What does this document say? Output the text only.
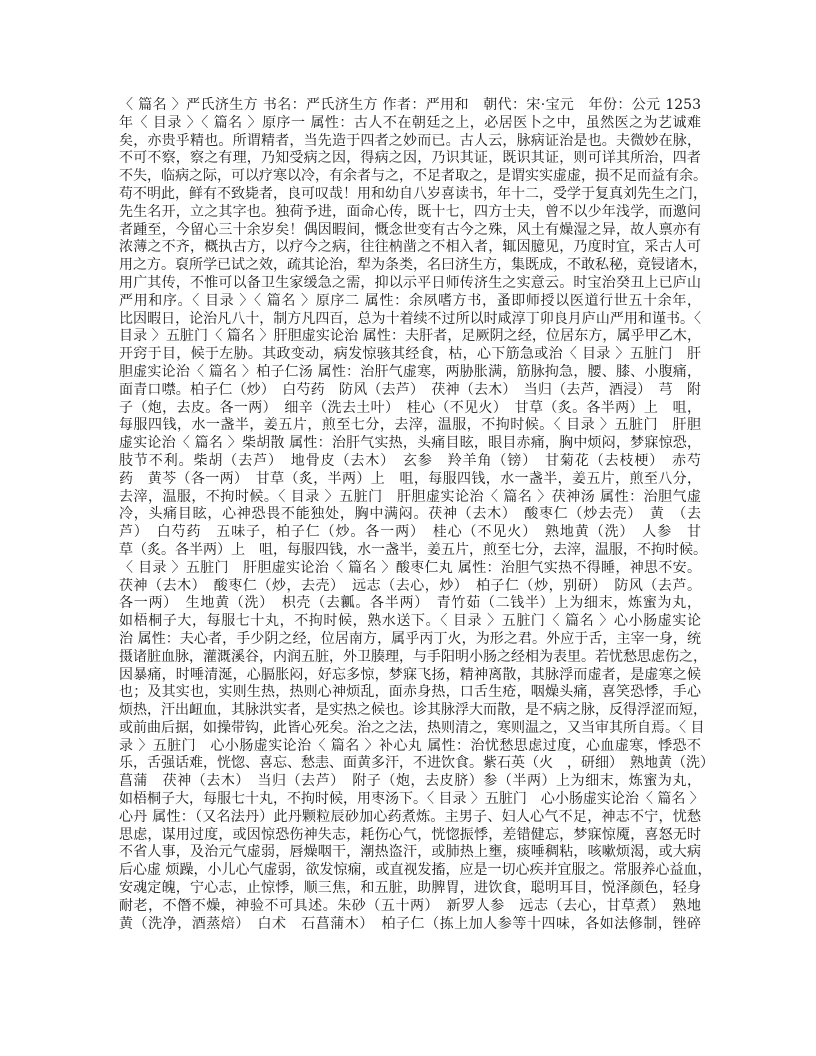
〈 篇名 〉严氏济生方 书名：严氏济生方 作者：严用和　朝代：宋·宝元　年份：公元 1253
年〈 目录 〉〈 篇名 〉原序一 属性：古人不在朝廷之上，必居医卜之中，虽然医之为艺诚难
矣，亦贵乎精也。所谓精者，当先造于四者之妙而已。古人云，脉病证治是也。夫微妙在脉，
不可不察，察之有理，乃知受病之因，得病之因，乃识其证，既识其证，则可详其所治，四者
不失，临病之际，可以疗寒以冷，有余者与之，不足者取之，是谓实实虚虚，损不足而益有余。
苟不明此，鲜有不致毙者，良可叹哉！用和幼自八岁喜读书，年十二，受学于复真刘先生之门，
先生名开，立之其字也。独荷予进，面命心传，既十七，四方士夫，曾不以少年浅学，而邀问
者踵至，今留心三十余岁矣！偶因暇间，慨念世变有古今之殊，风土有燥湿之异，故人禀亦有
浓薄之不齐，概执古方，以疗今之病，往往枘凿之不相入者，辄因臆见，乃度时宜，采古人可
用之方。裒所学已试之效，疏其论治，犁为条类，名曰济生方，集既成，不敢私秘，竟锓诸木，
用广其传，不惟可以备卫生家缓急之需，抑以示平日师传济生之实意云。时宝治癸丑上已庐山
严用和序。〈 目录 〉〈 篇名 〉原序二 属性：余夙嗜方书，蚤即师授以医道行世五十余年，
比因暇日，论治凡八十，制方凡四百，总为十着续不过所以时咸淳丁卯良月庐山严用和谨书。〈
目录 〉五脏门〈 篇名 〉肝胆虚实论治 属性：夫肝者，足厥阴之经，位居东方，属乎甲乙木，
开窍于目，候于左胁。其政变动，病发惊骇其经食，枯，心下筋急或治〈 目录 〉五脏门　肝
胆虚实论治〈 篇名 〉柏子仁汤 属性：治肝气虚寒，两胁胀满，筋脉拘急，腰、膝、小腹痛，
面青口噤。柏子仁（炒）　白芍药　防风（去芦）　茯神（去木）　当归（去芦，酒浸）　芎　附
子（炮，去皮。各一两）　细辛（洗去土叶）　桂心（不见火）　甘草（炙。各半两）上　咀，
每服四钱，水一盏半，姜五片，煎至七分，去滓，温服，不拘时候。〈 目录 〉五脏门　肝胆
虚实论治〈 篇名 〉柴胡散 属性：治肝气实热，头痛目眩，眼目赤痛，胸中烦闷，梦寐惊恐，
肢节不利。柴胡（去芦）　地骨皮（去木）　玄参　羚羊角（镑）　甘菊花（去枝梗）　赤芍
药　黄芩（各一两）　甘草（炙，半两）上　咀，每服四钱，水一盏半，姜五片，煎至八分，
去滓，温服，不拘时候。〈 目录 〉五脏门　肝胆虚实论治〈 篇名 〉茯神汤 属性：治胆气虚
冷，头痛目眩，心神恐畏不能独处，胸中满闷。茯神（去木）　酸枣仁（炒去壳）　黄　（去
芦）　白芍药　五味子，柏子仁（炒。各一两）　桂心（不见火）　熟地黄（洗）　人参　甘
草（炙。各半两）上　咀，每服四钱，水一盏半，姜五片，煎至七分，去滓，温服，不拘时候。
〈 目录 〉五脏门　肝胆虚实论治〈 篇名 〉酸枣仁丸 属性：治胆气实热不得睡，神思不安。
茯神（去木）　酸枣仁（炒，去壳）　远志（去心，炒）　柏子仁（炒，别研）　防风（去芦。
各一两）　生地黄（洗）　枳壳（去瓤。各半两）　青竹茹（二钱半）上为细末，炼蜜为丸，
如梧桐子大，每服七十丸，不拘时候，熟水送下。〈 目录 〉五脏门〈 篇名 〉心小肠虚实论
治 属性：夫心者，手少阴之经，位居南方，属乎丙丁火，为形之君。外应于舌，主宰一身，统
摄诸脏血脉，灌溉溪谷，内润五脏，外卫腠理，与手阳明小肠之经相为表里。若忧愁思虑伤之，
因暴痛，时唾清涎，心膈胀闷，好忘多惊，梦寐飞扬，精神离散，其脉浮而虚者，是虚寒之候
也；及其实也，实则生热，热则心神烦乱，面赤身热，口舌生疮，咽燥头痛，喜笑恐悸，手心
烦热，汗出衄血，其脉洪实者，是实热之候也。诊其脉浮大而散，是不病之脉，反得浮涩而短，
或前曲后据，如操带钩，此皆心死矣。治之之法，热则清之，寒则温之，又当审其所自焉。〈 目
录 〉五脏门　心小肠虚实论治〈 篇名 〉补心丸 属性：治忧愁思虑过度，心血虚寒，悸恐不
乐，舌强话难，恍惚、喜忘、愁恚、面黄多汗，不进饮食。紫石英（火　，研细）　熟地黄（洗）
菖蒲　茯神（去木）　当归（去芦）　附子（炮，去皮脐）参（半两）上为细末，炼蜜为丸，
如梧桐子大，每服七十丸，不拘时候，用枣汤下。〈 目录 〉五脏门　心小肠虚实论治〈 篇名 〉
心丹 属性：（又名法丹）此丹颗粒辰砂加心药煮炼。主男子、妇人心气不足，神志不宁，忧愁
思虑，谋用过度，或因惊恐伤神失志，耗伤心气，恍惚振悸，差错健忘，梦寐惊魇，喜怒无时
不省人事，及治元气虚弱，唇燥咽干，潮热盗汗，或肺热上壅，痰唾稠粘，咳嗽烦渴，或大病
后心虚 烦躁，小儿心气虚弱，欲发惊痫，或直视发搐，应是一切心疾并宜服之。常服养心益血，
安魂定魄，宁心志，止惊悸，顺三焦，和五脏，助脾胃，进饮食，聪明耳目，悦泽颜色，轻身
耐老，不僭不燥，神验不可具述。朱砂（五十两）　新罗人参　远志（去心，甘草煮）　熟地
黄（洗净，酒蒸焙）　白术　石菖蒲木）　柏子仁（拣上加人参等十四味，各如法修制，锉碎
